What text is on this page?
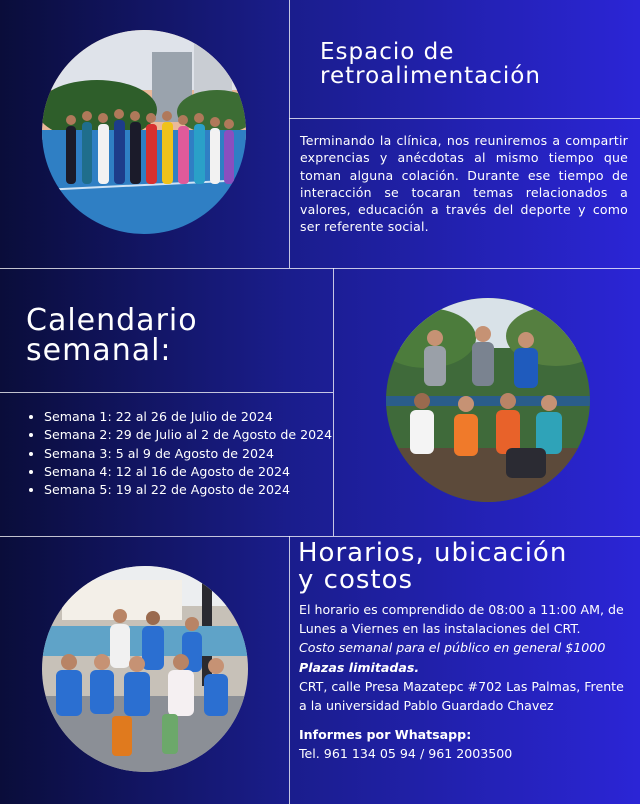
Espacio de
retroalimentación

Terminando la clínica, nos reuniremos a compartir exprencias y anécdotas al mismo tiempo que toman alguna colación. Durante ese tiempo de interacción se tocaran temas relacionados a valores, educación a través del deporte y como ser referente social.

Calendario
semanal:
• Semana 1: 22 al 26 de Julio de 2024
• Semana 2: 29 de Julio al 2 de Agosto de 2024
• Semana 3: 5 al 9 de Agosto de 2024
• Semana 4: 12 al 16 de Agosto de 2024
• Semana 5: 19 al 22 de Agosto de 2024
Horarios, ubicación
y costos

El horario es comprendido de 08:00 a 11:00 AM, de Lunes a Viernes en las instalaciones del CRT.

Costo semanal para el público en general $1000

Plazas limitadas.

CRT, calle Presa Mazatepc #702 Las Palmas, Frente a la universidad Pablo Guardado Chavez

Informes por Whatsapp:

Tel. 961 134 05 94 / 961 2003500
